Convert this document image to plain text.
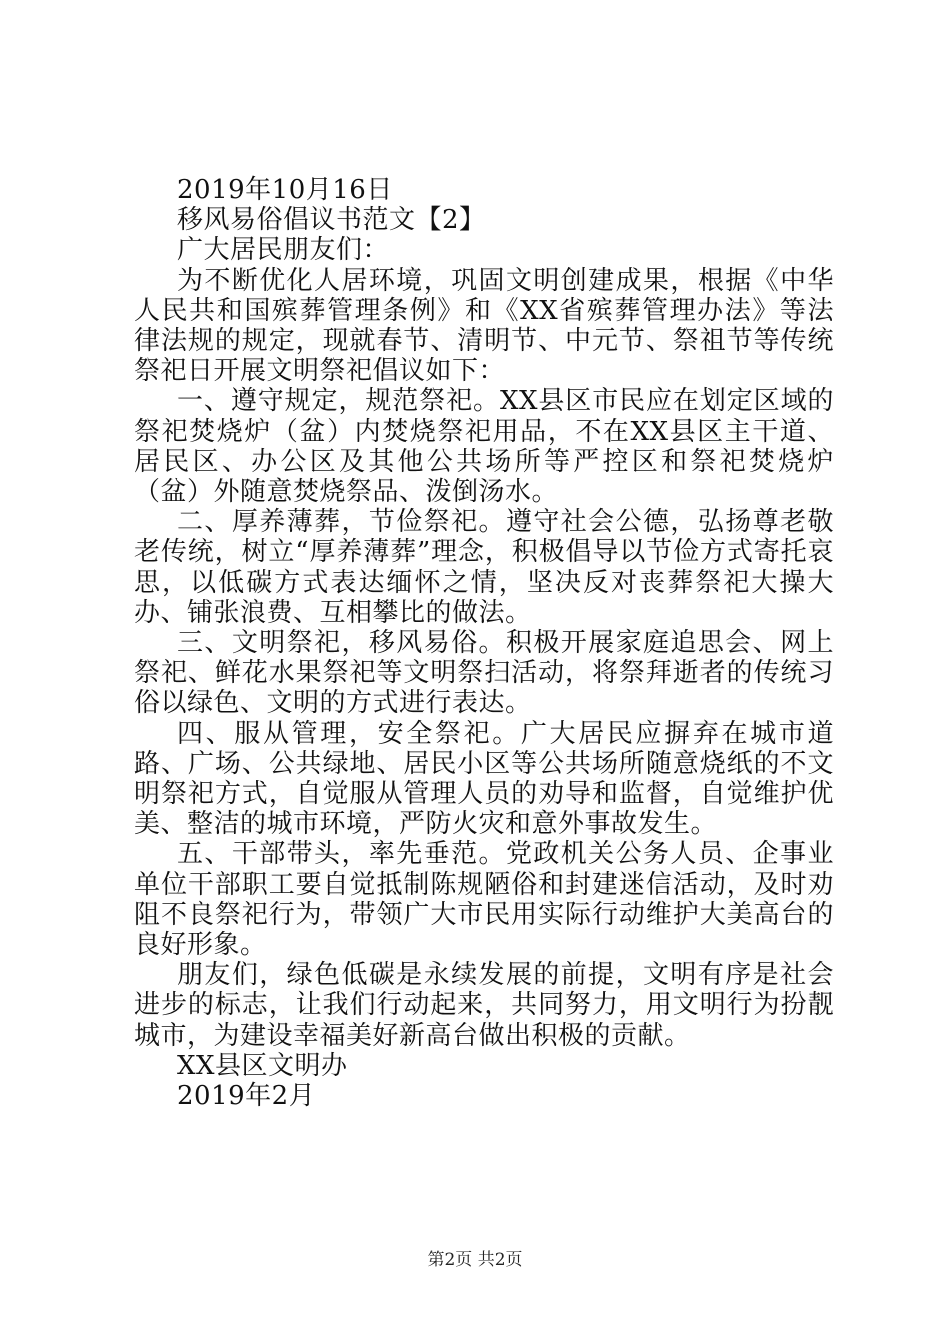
2019年10月16日

移风易俗倡议书范文【2】

广大居民朋友们：

为不断优化人居环境，巩固文明创建成果，根据《中华人民共和国殡葬管理条例》和《XX省殡葬管理办法》等法律法规的规定，现就春节、清明节、中元节、祭祖节等传统祭祀日开展文明祭祀倡议如下：

一、遵守规定，规范祭祀。XX县区市民应在划定区域的祭祀焚烧炉（盆）内焚烧祭祀用品，不在XX县区主干道、居民区、办公区及其他公共场所等严控区和祭祀焚烧炉（盆）外随意焚烧祭品、泼倒汤水。

二、厚养薄葬，节俭祭祀。遵守社会公德，弘扬尊老敬老传统，树立“厚养薄葬”理念，积极倡导以节俭方式寄托哀思，以低碳方式表达缅怀之情，坚决反对丧葬祭祀大操大办、铺张浪费、互相攀比的做法。

三、文明祭祀，移风易俗。积极开展家庭追思会、网上祭祀、鲜花水果祭祀等文明祭扫活动，将祭拜逝者的传统习俗以绿色、文明的方式进行表达。

四、服从管理，安全祭祀。广大居民应摒弃在城市道路、广场、公共绿地、居民小区等公共场所随意烧纸的不文明祭祀方式，自觉服从管理人员的劝导和监督，自觉维护优美、整洁的城市环境，严防火灾和意外事故发生。

五、干部带头，率先垂范。党政机关公务人员、企事业单位干部职工要自觉抵制陈规陋俗和封建迷信活动，及时劝阻不良祭祀行为，带领广大市民用实际行动维护大美高台的良好形象。

朋友们，绿色低碳是永续发展的前提，文明有序是社会进步的标志，让我们行动起来，共同努力，用文明行为扮靓城市，为建设幸福美好新高台做出积极的贡献。

XX县区文明办

2019年2月

第2页 共2页
